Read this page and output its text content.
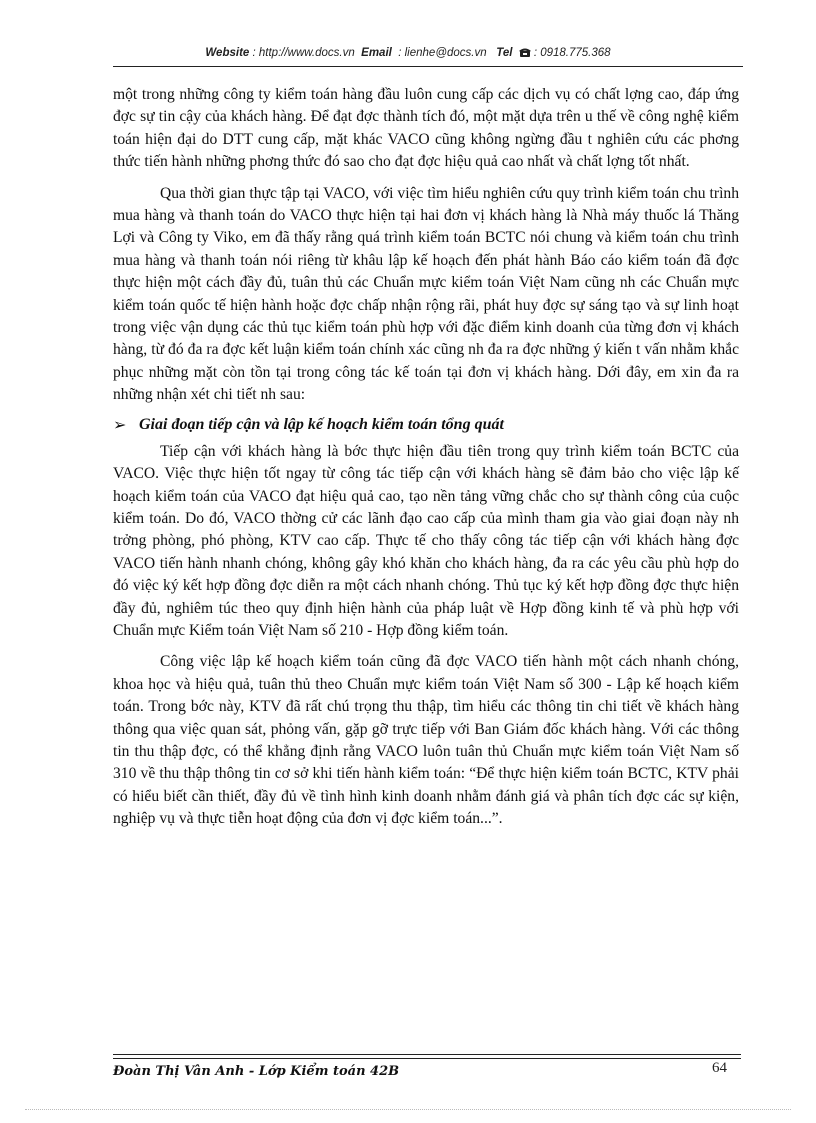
Website : http://www.docs.vn Email : lienhe@docs.vn Tel : 0918.775.368

một trong những công ty kiểm toán hàng đầu luôn cung cấp các dịch vụ có chất lợng cao, đáp ứng đợc sự tin cậy của khách hàng. Để đạt đợc thành tích đó, một mặt dựa trên u thế về công nghệ kiểm toán hiện đại do DTT cung cấp, mặt khác VACO cũng không ngừng đầu t nghiên cứu các phơng thức tiến hành những phơng thức đó sao cho đạt đợc hiệu quả cao nhất và chất lợng tốt nhất.

Qua thời gian thực tập tại VACO, với việc tìm hiểu nghiên cứu quy trình kiểm toán chu trình mua hàng và thanh toán do VACO thực hiện tại hai đơn vị khách hàng là Nhà máy thuốc lá Thăng Lợi và Công ty Viko, em đã thấy rằng quá trình kiểm toán BCTC nói chung và kiểm toán chu trình mua hàng và thanh toán nói riêng từ khâu lập kế hoạch đến phát hành Báo cáo kiểm toán đã đợc thực hiện một cách đầy đủ, tuân thủ các Chuẩn mực kiểm toán Việt Nam cũng nh các Chuẩn mực kiểm toán quốc tế hiện hành hoặc đợc chấp nhận rộng rãi, phát huy đợc sự sáng tạo và sự linh hoạt trong việc vận dụng các thủ tục kiểm toán phù hợp với đặc điểm kinh doanh của từng đơn vị khách hàng, từ đó đa ra đợc kết luận kiểm toán chính xác cũng nh đa ra đợc những ý kiến t vấn nhằm khắc phục những mặt còn tồn tại trong công tác kế toán tại đơn vị khách hàng. Dới đây, em xin đa ra những nhận xét chi tiết nh sau:

➢ Giai đoạn tiếp cận và lập kế hoạch kiểm toán tổng quát

Tiếp cận với khách hàng là bớc thực hiện đầu tiên trong quy trình kiểm toán BCTC của VACO. Việc thực hiện tốt ngay từ công tác tiếp cận với khách hàng sẽ đảm bảo cho việc lập kế hoạch kiểm toán của VACO đạt hiệu quả cao, tạo nền tảng vững chắc cho sự thành công của cuộc kiểm toán. Do đó, VACO thờng cử các lãnh đạo cao cấp của mình tham gia vào giai đoạn này nh trởng phòng, phó phòng, KTV cao cấp. Thực tế cho thấy công tác tiếp cận với khách hàng đợc VACO tiến hành nhanh chóng, không gây khó khăn cho khách hàng, đa ra các yêu cầu phù hợp do đó việc ký kết hợp đồng đợc diễn ra một cách nhanh chóng. Thủ tục ký kết hợp đồng đợc thực hiện đầy đủ, nghiêm túc theo quy định hiện hành của pháp luật về Hợp đồng kinh tế và phù hợp với Chuẩn mực Kiểm toán Việt Nam số 210 - Hợp đồng kiểm toán.

Công việc lập kế hoạch kiểm toán cũng đã đợc VACO tiến hành một cách nhanh chóng, khoa học và hiệu quả, tuân thủ theo Chuẩn mực kiểm toán Việt Nam số 300 - Lập kế hoạch kiểm toán. Trong bớc này, KTV đã rất chú trọng thu thập, tìm hiểu các thông tin chi tiết về khách hàng thông qua việc quan sát, phỏng vấn, gặp gỡ trực tiếp với Ban Giám đốc khách hàng. Với các thông tin thu thập đợc, có thể khẳng định rằng VACO luôn tuân thủ Chuẩn mực kiểm toán Việt Nam số 310 về thu thập thông tin cơ sở khi tiến hành kiểm toán: “Để thực hiện kiểm toán BCTC, KTV phải có hiểu biết cần thiết, đầy đủ về tình hình kinh doanh nhằm đánh giá và phân tích đợc các sự kiện, nghiệp vụ và thực tiễn hoạt động của đơn vị đợc kiểm toán...”.

Đoàn Thị Vân Anh - Lớp Kiểm toán 42B	64
